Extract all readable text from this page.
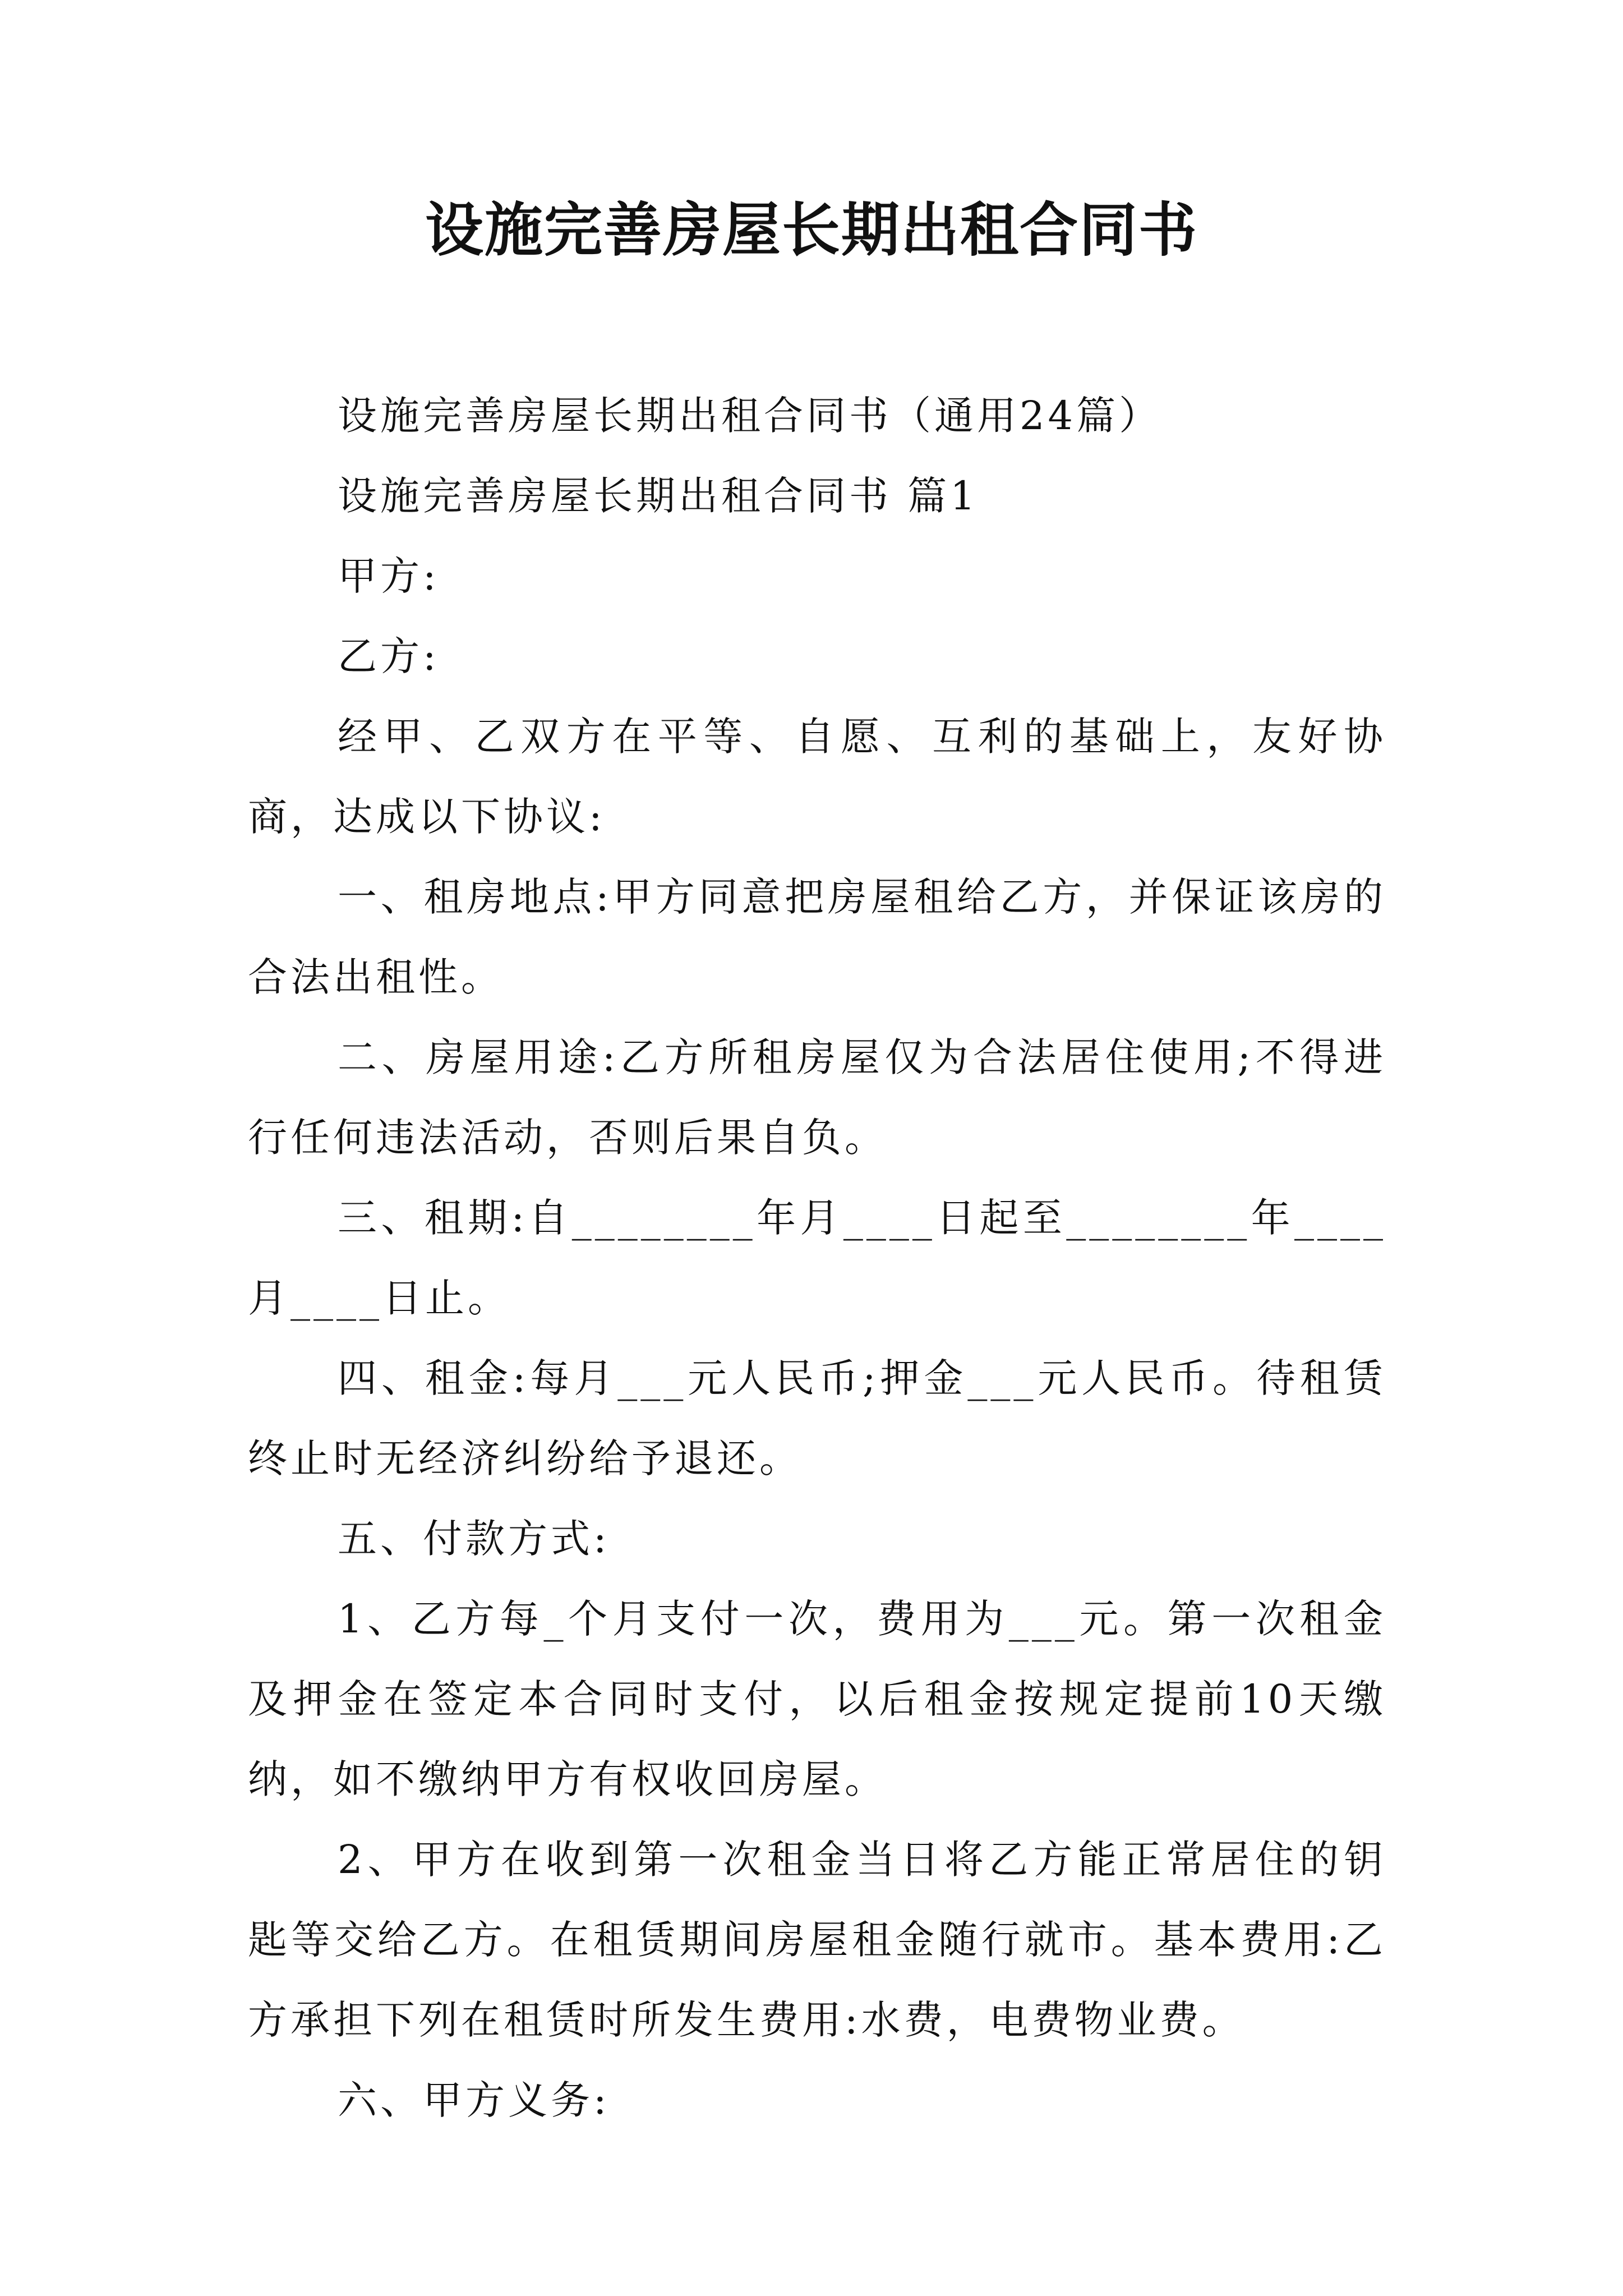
设施完善房屋长期出租合同书

设施完善房屋长期出租合同书（通用24篇）

设施完善房屋长期出租合同书 篇1

甲方:

乙方:

经甲、乙双方在平等、自愿、互利的基础上，友好协商，达成以下协议:

一、租房地点:甲方同意把房屋租给乙方，并保证该房的合法出租性。

二、房屋用途:乙方所租房屋仅为合法居住使用;不得进行任何违法活动，否则后果自负。

三、租期:自________年月____日起至________年____月____日止。

四、租金:每月___元人民币;押金___元人民币。待租赁终止时无经济纠纷给予退还。

五、付款方式:

1、乙方每_个月支付一次，费用为___元。第一次租金及押金在签定本合同时支付，以后租金按规定提前10天缴纳，如不缴纳甲方有权收回房屋。

2、甲方在收到第一次租金当日将乙方能正常居住的钥匙等交给乙方。在租赁期间房屋租金随行就市。基本费用:乙方承担下列在租赁时所发生费用:水费，电费物业费。

六、甲方义务:
